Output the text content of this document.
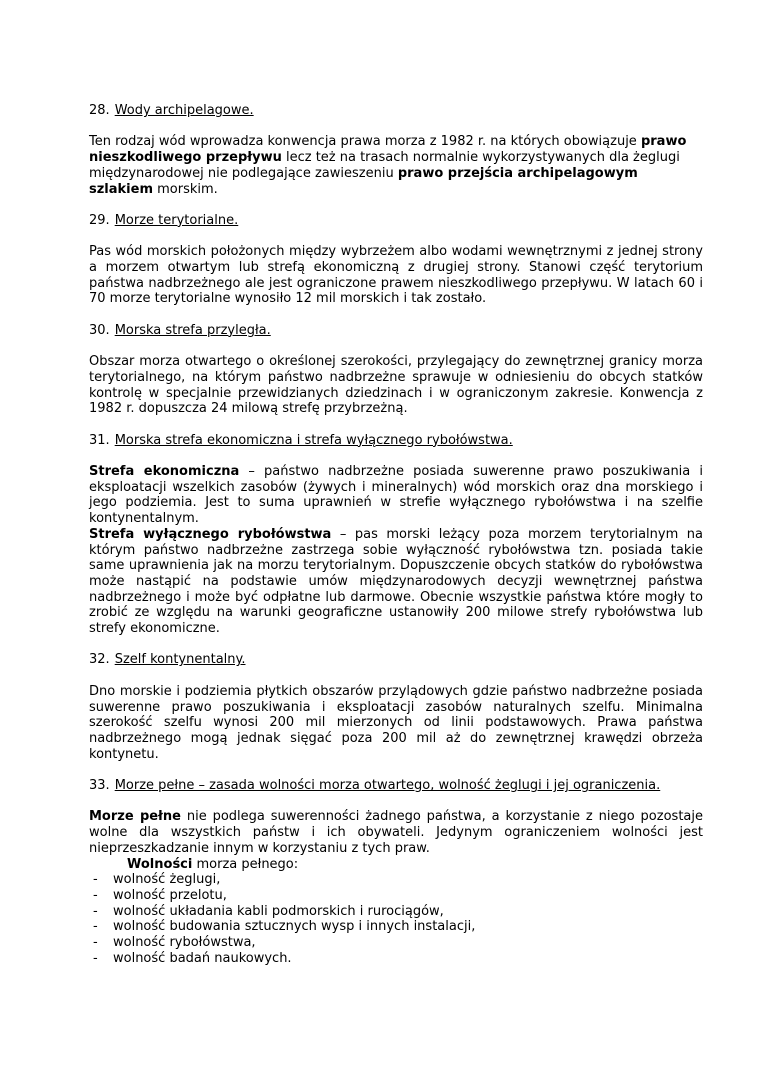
28. Wody archipelagowe.
Ten rodzaj wód wprowadza konwencja prawa morza z 1982 r. na których obowiązuje prawo nieszkodliwego przepływu lecz też na trasach normalnie wykorzystywanych dla żeglugi międzynarodowej nie podlegające zawieszeniu prawo przejścia archipelagowym szlakiem morskim.
29. Morze terytorialne.
Pas wód morskich położonych między wybrzeżem albo wodami wewnętrznymi z jednej strony a morzem otwartym lub strefą ekonomiczną z drugiej strony. Stanowi część terytorium państwa nadbrzeżnego ale jest ograniczone prawem nieszkodliwego przepływu. W latach 60 i 70 morze terytorialne wynosiło 12 mil morskich i tak zostało.
30. Morska strefa przyległa.
Obszar morza otwartego o określonej szerokości, przylegający do zewnętrznej granicy morza terytorialnego, na którym państwo nadbrzeżne sprawuje w odniesieniu do obcych statków kontrolę w specjalnie przewidzianych dziedzinach i w ograniczonym zakresie. Konwencja z 1982 r. dopuszcza 24 milową strefę przybrzeżną.
31. Morska strefa ekonomiczna i strefa wyłącznego rybołówstwa.
Strefa ekonomiczna – państwo nadbrzeżne posiada suwerenne prawo poszukiwania i eksploatacji wszelkich zasobów (żywych i mineralnych) wód morskich oraz dna morskiego i jego podziemia. Jest to suma uprawnień w strefie wyłącznego rybołówstwa i na szelfie kontynentalnym.
Strefa wyłącznego rybołówstwa – pas morski leżący poza morzem terytorialnym na którym państwo nadbrzeżne zastrzega sobie wyłączność rybołówstwa tzn. posiada takie same uprawnienia jak na morzu terytorialnym. Dopuszczenie obcych statków do rybołówstwa może nastąpić na podstawie umów międzynarodowych decyzji wewnętrznej państwa nadbrzeżnego i może być odpłatne lub darmowe. Obecnie wszystkie państwa które mogły to zrobić ze względu na warunki geograficzne ustanowiły 200 milowe strefy rybołówstwa lub strefy ekonomiczne.
32. Szelf kontynentalny.
Dno morskie i podziemia płytkich obszarów przylądowych gdzie państwo nadbrzeżne posiada suwerenne prawo poszukiwania i eksploatacji zasobów naturalnych szelfu. Minimalna szerokość szelfu wynosi 200 mil mierzonych od linii podstawowych. Prawa państwa nadbrzeżnego mogą jednak sięgać poza 200 mil aż do zewnętrznej krawędzi obrzeża kontynetu.
33. Morze pełne – zasada wolności morza otwartego, wolność żeglugi i jej ograniczenia.
Morze pełne nie podlega suwerenności żadnego państwa, a korzystanie z niego pozostaje wolne dla wszystkich państw i ich obywateli. Jedynym ograniczeniem wolności jest nieprzeszkadzanie innym w korzystaniu z tych praw.
Wolności morza pełnego:
-	wolność żeglugi,
-	wolność przelotu,
-	wolność układania kabli podmorskich i rurociągów,
-	wolność budowania sztucznych wysp i innych instalacji,
-	wolność rybołówstwa,
-	wolność badań naukowych.
